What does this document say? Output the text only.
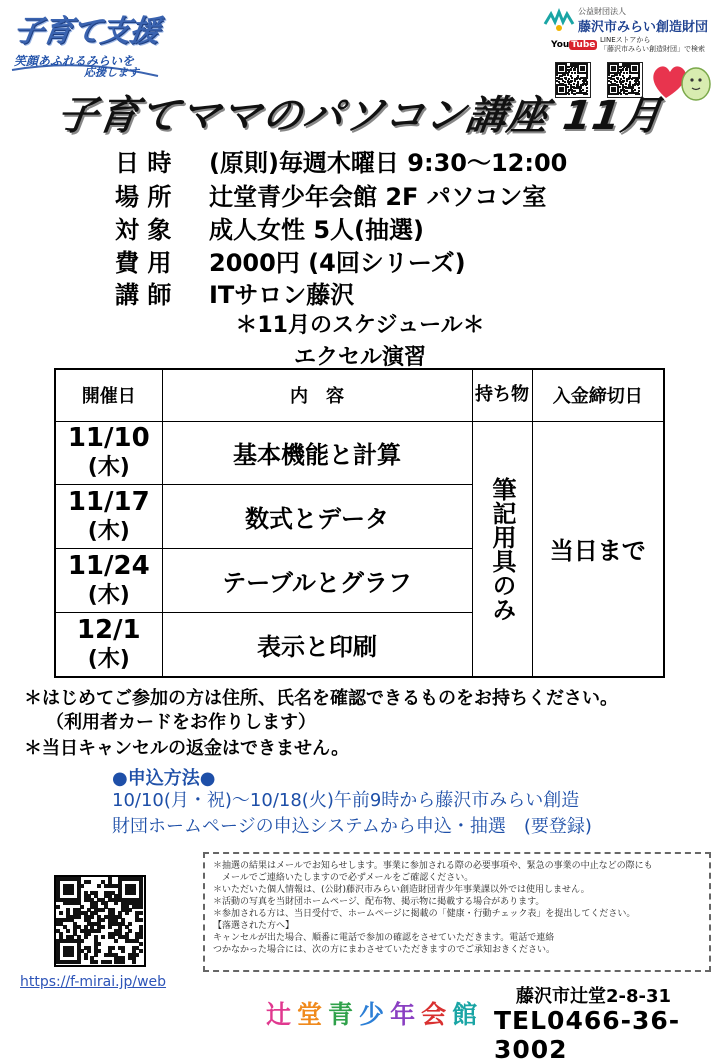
子育て支援
笑顔あふれるみらいを
応援します
公益財団法人
藤沢市みらい創造財団
You Tube LINEストアから
「藤沢市みらい創造財団」で検索
子育てママのパソコン講座 11月
日 時 (原則)毎週木曜日 9:30～12:00
場 所 辻堂青少年会館 2F パソコン室
対 象 成人女性 5人(抽選)
費 用 2000円 (4回シリーズ)
講 師 ITサロン藤沢
＊11月のスケジュール＊
エクセル演習
開催日	内　容	持ち物	入金締切日
11/10
(木)	基本機能と計算	筆記用具のみ	当日まで
11/17
(木)	数式とデータ		
11/24
(木)	テーブルとグラフ		
12/1
(木)	表示と印刷		
＊はじめてご参加の方は住所、氏名を確認できるものをお持ちください。
（利用者カードをお作りします）
＊当日キャンセルの返金はできません。
●申込方法●
10/10(月・祝)～10/18(火)午前9時から藤沢市みらい創造
財団ホームページの申込システムから申込・抽選　(要登録)

＊抽選の結果はメールでお知らせします。事業に参加される際の必要事項や、緊急の事業の中止などの際にも

　メールでご連絡いたしますので必ずメールをご確認ください。

＊いただいた個人情報は、(公財)藤沢市みらい創造財団青少年事業課以外では使用しません。

＊活動の写真を当財団ホームページ、配布物、掲示物に掲載する場合があります。

＊参加される方は、当日受付で、ホームページに掲載の「健康・行動チェック表」を提出してください。

【落選された方へ】

キャンセルが出た場合、順番に電話で参加の確認をさせていただきます。電話で連絡

つかなかった場合には、次の方にまわさせていただきますのでご承知おきください。

https://f-mirai.jp/web
辻堂青少年会館
藤沢市辻堂2-8-31
TEL0466-36-3002
